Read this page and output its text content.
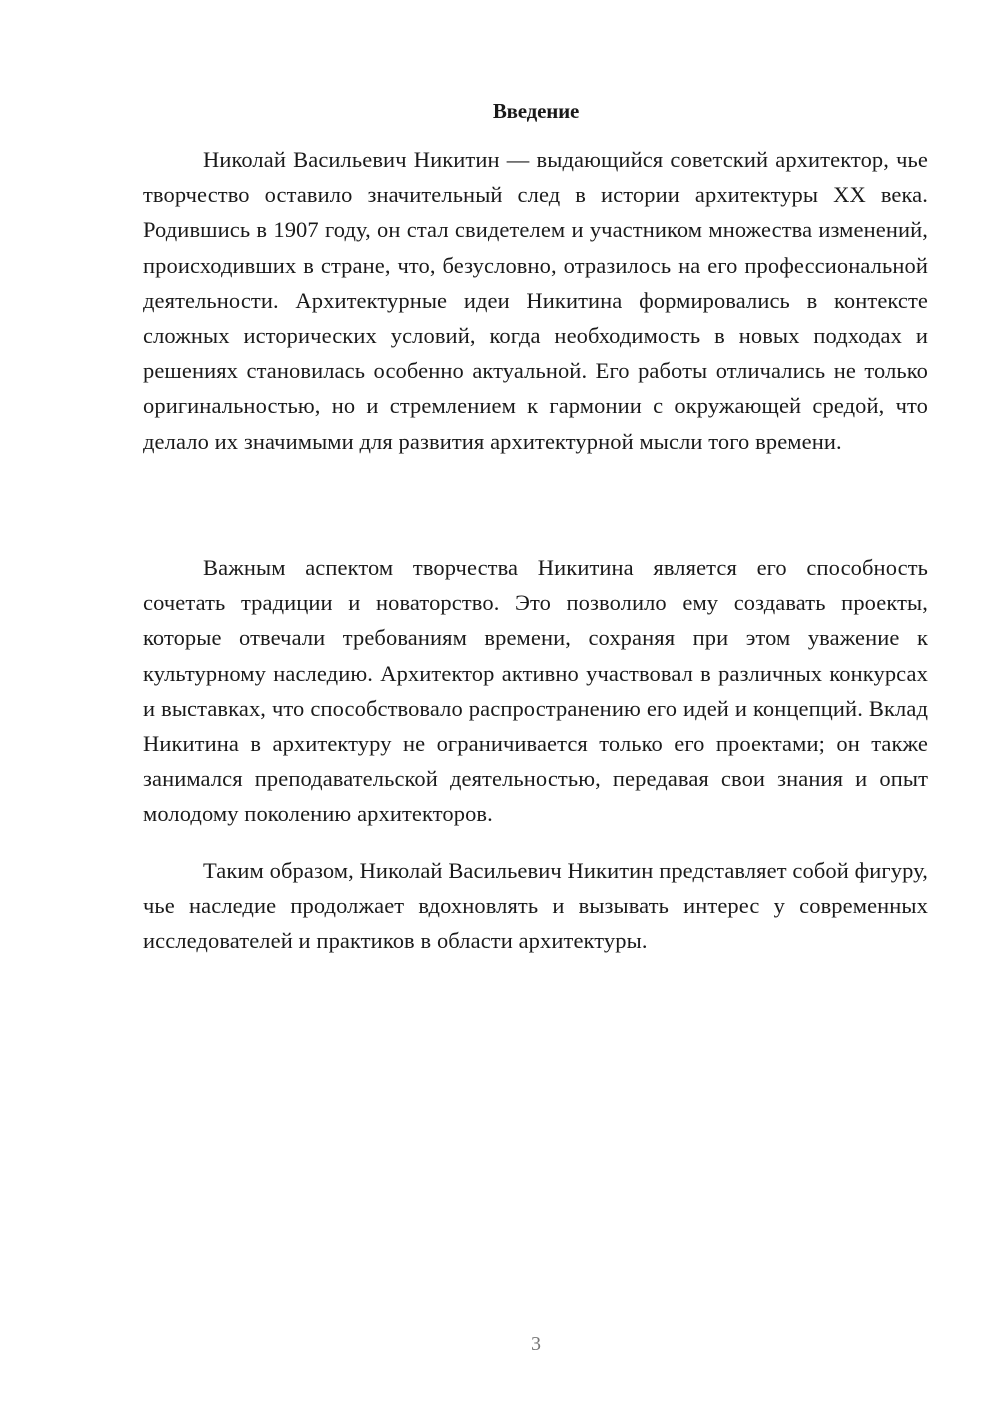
Введение

Николай Васильевич Никитин — выдающийся советский архитектор, чье творчество оставило значительный след в истории архитектуры XX века. Родившись в 1907 году, он стал свидетелем и участником множества изменений, происходивших в стране, что, безусловно, отразилось на его профессиональной деятельности. Архитектурные идеи Никитина формировались в контексте сложных исторических условий, когда необходимость в новых подходах и решениях становилась особенно актуальной. Его работы отличались не только оригинальностью, но и стремлением к гармонии с окружающей средой, что делало их значимыми для развития архитектурной мысли того времени.

Важным аспектом творчества Никитина является его способность сочетать традиции и новаторство. Это позволило ему создавать проекты, которые отвечали требованиям времени, сохраняя при этом уважение к культурному наследию. Архитектор активно участвовал в различных конкурсах и выставках, что способствовало распространению его идей и концепций. Вклад Никитина в архитектуру не ограничивается только его проектами; он также занимался преподавательской деятельностью, передавая свои знания и опыт молодому поколению архитекторов.

Таким образом, Николай Васильевич Никитин представляет собой фигуру, чье наследие продолжает вдохновлять и вызывать интерес у современных исследователей и практиков в области архитектуры.

3
